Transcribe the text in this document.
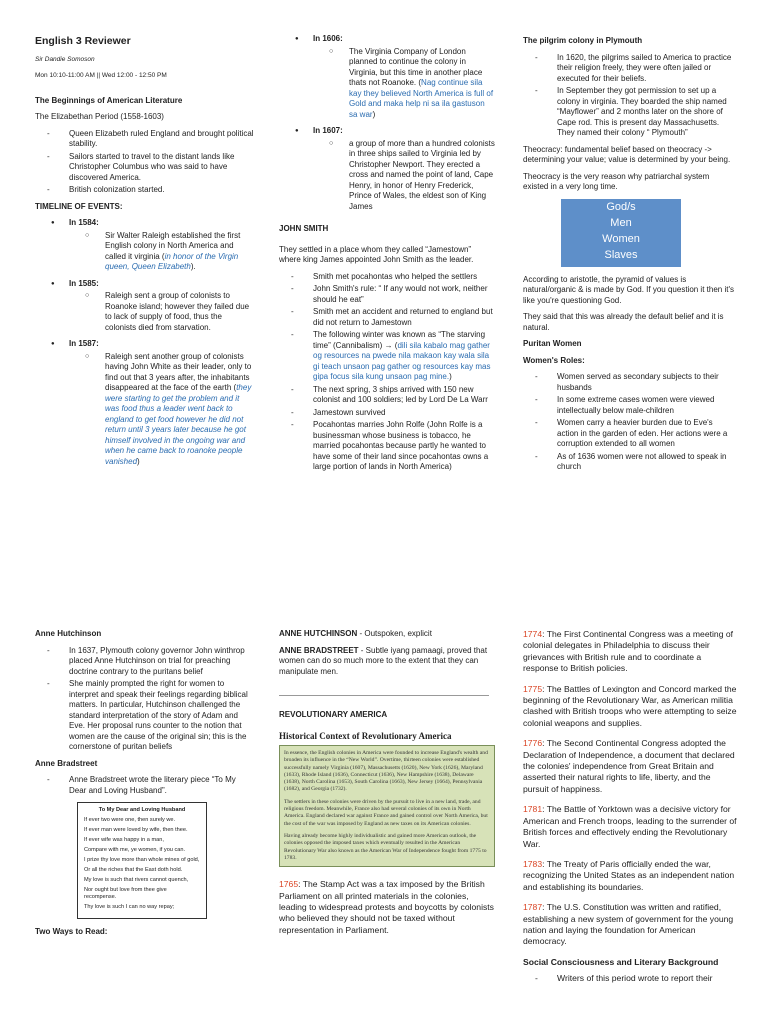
English 3 Reviewer
Sir Dandie Somoson
Mon 10:10-11:00 AM || Wed 12:00 - 12:50 PM
The Beginnings of American Literature

The Elizabethan Period (1558-1603)

- Queen Elizabeth ruled England and brought political stability.
- Sailors started to travel to the distant lands like Christopher Columbus who was said to have discovered America.
- British colonization started.
TIMELINE OF EVENTS:
● In 1584:
○ Sir Walter Raleigh established the first English colony in North America and called it virginia (in honor of the Virgin queen, Queen Elizabeth).
● In 1585:
○ Raleigh sent a group of colonists to Roanoke island; however they failed due to lack of supply of food, thus the colonists died from starvation.
● In 1587:
○ Raleigh sent another group of colonists having John White as their leader, only to find out that 3 years after, the inhabitants disappeared at the face of the earth (they were starting to get the problem and it was food thus a leader went back to england to get food however he did not return until 3 years later because he got himself involved in the ongoing war and when he came back to roanoke people vanished)
● In 1606:
○ The Virginia Company of London planned to continue the colony in Virginia, but this time in another place thats not Roanoke. (Nag continue sila kay they believed North America is full of Gold and maka help ni sa ila gastuson sa war)
● In 1607:
○ a group of more than a hundred colonists in three ships sailed to Virginia led by Christopher Newport. They erected a cross and named the point of land, Cape Henry, in honor of Henry Frederick, Prince of Wales, the eldest son of King James
JOHN SMITH

They settled in a place whom they called “Jamestown” where king James appointed John Smith as the leader.

- Smith met pocahontas who helped the settlers
- John Smith's rule: “ If any would not work, neither should he eat”
- Smith met an accident and returned to england but did not return to Jamestown
- The following winter was known as “The starving time” (Cannibalism) → (dili sila kabalo mag gather og resources na pwede nila makaon kay wala sila gi teach unsaon pag gather og resources kay mas gipa focus sila kung unsaon pag mine.)
- The next spring, 3 ships arrived with 150 new colonist and 100 soldiers; led by Lord De La Warr
- Jamestown survived
- Pocahontas marries John Rolfe (John Rolfe is a businessman whose business is tobacco, he married pocahontas because partly he wanted to have some of their land since pocahontas owns a large portion of lands in North America)
The pilgrim colony in Plymouth
- In 1620, the pilgrims sailed to America to practice their religion freely, they were often jailed or executed for their beliefs.
- In September they got permission to set up a colony in virginia. They boarded the ship named “Mayflower” and 2 months later on the shore of Cape rod. This is present day Massachusetts. They named their colony “ Plymouth”

Theocracy: fundamental belief based on theocracy -> determining your value; value is determined by your being.

Theocracy is the very reason why patriarchal system existed in a very long time.

God/s
Men
Women
Slaves

According to aristotle, the pyramid of values is natural/organic & is made by God. If you question it then it's like you're questioning God.

They said that this was already the default belief and it is natural.

Puritan Women
Women's Roles:
- Women served as secondary subjects to their husbands
- In some extreme cases women were viewed intellectually below male-children
- Women carry a heavier burden due to Eve's action in the garden of eden. Her actions were a corruption extended to all women
- As of 1636 women were not allowed to speak in church
Anne Hutchinson
- In 1637, Plymouth colony governor John winthrop placed Anne Hutchinson on trial for preaching doctrine contrary to the puritans belief
- She mainly prompted the right for women to interpret and speak their feelings regarding biblical matters. In particular, Hutchinson challenged the standard interpretation of the story of Adam and Eve. Her proposal runs counter to the notion that women are the cause of the original sin; this is the cornerstone of puritan beliefs
Anne Bradstreet
- Anne Bradstreet wrote the literary piece “To My Dear and Loving Husband”.

To My Dear and Loving Husband

If ever two were one, then surely we.

If ever man were loved by wife, then thee.

If ever wife was happy in a man,

Compare with me, ye women, if you can.

I prize thy love more than whole mines of gold,

Or all the riches that the East doth hold.

My love is such that rivers cannot quench,

Nor ought but love from thee give recompense.

Thy love is such I can no way repay;

Two Ways to Read:

ANNE HUTCHINSON - Outspoken, explicit

ANNE BRADSTREET - Subtle iyang pamaagi, proved that women can do so much more to the extent that they can manipulate men.

REVOLUTIONARY AMERICA
Historical Context of Revolutionary America

In essence, the English colonies in America were founded to increase England's wealth and broaden its influence in the “New World”. Overtime, thirteen colonies were established successfully namely Virginia (1607), Massachusetts (1620), New York (1626), Maryland (1633), Rhode Island (1636), Connecticut (1636), New Hampshire (1638), Delaware (1638), North Carolina (1653), South Carolina (1663), New Jersey (1664), Pennsylvania (1682), and Georgia (1732).

The settlers in these colonies were driven by the pursuit to live in a new land, trade, and religious freedom. Meanwhile, France also had several colonies of its own in North America. England declared war against France and gained control over North America, but the cost of the war was imposed by England as new taxes on its American colonies.

Having already become highly individualistic and gained more American outlook, the colonies opposed the imposed taxes which eventually resulted in the American Revolutionary War also known as the American War of Independence fought from 1775 to 1783.

1765: The Stamp Act was a tax imposed by the British Parliament on all printed materials in the colonies, leading to widespread protests and boycotts by colonists who believed they should not be taxed without representation in Parliament.

1774: The First Continental Congress was a meeting of colonial delegates in Philadelphia to discuss their grievances with British rule and to coordinate a response to British policies.

1775: The Battles of Lexington and Concord marked the beginning of the Revolutionary War, as American militia clashed with British troops who were attempting to seize colonial weapons and supplies.

1776: The Second Continental Congress adopted the Declaration of Independence, a document that declared the colonies' independence from Great Britain and asserted their natural rights to life, liberty, and the pursuit of happiness.

1781: The Battle of Yorktown was a decisive victory for American and French troops, leading to the surrender of British forces and effectively ending the Revolutionary War.

1783: The Treaty of Paris officially ended the war, recognizing the United States as an independent nation and establishing its boundaries.

1787: The U.S. Constitution was written and ratified, establishing a new system of government for the young nation and laying the foundation for American democracy.

Social Consciousness and Literary Background
- Writers of this period wrote to report their
